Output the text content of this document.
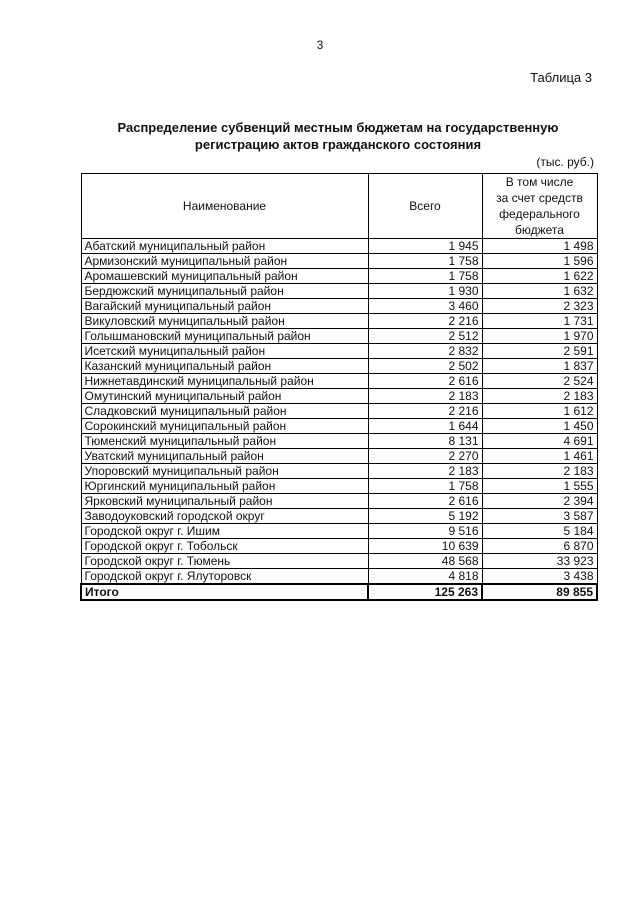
3
Таблица 3
Распределение субвенций местным бюджетам на государственную
регистрацию актов гражданского состояния
(тыс. руб.)
Наименование	Всего	В том числе
за счет средств
федерального
бюджета

Абатский муниципальный район	1 945	1 498
Армизонский муниципальный район	1 758	1 596
Аромашевский муниципальный район	1 758	1 622
Бердюжский муниципальный район	1 930	1 632
Вагайский муниципальный район	3 460	2 323
Викуловский муниципальный район	2 216	1 731
Голышмановский муниципальный район	2 512	1 970
Исетский муниципальный район	2 832	2 591
Казанский муниципальный район	2 502	1 837
Нижнетавдинский муниципальный район	2 616	2 524
Омутинский муниципальный район	2 183	2 183
Сладковский муниципальный район	2 216	1 612
Сорокинский муниципальный район	1 644	1 450
Тюменский муниципальный район	8 131	4 691
Уватский муниципальный район	2 270	1 461
Упоровский муниципальный район	2 183	2 183
Юргинский муниципальный район	1 758	1 555
Ярковский муниципальный район	2 616	2 394
Заводоуковский городской округ	5 192	3 587
Городской округ г. Ишим	9 516	5 184
Городской округ г. Тобольск	10 639	6 870
Городской округ г. Тюмень	48 568	33 923
Городской округ г. Ялуторовск	4 818	3 438
Итого	125 263	89 855
